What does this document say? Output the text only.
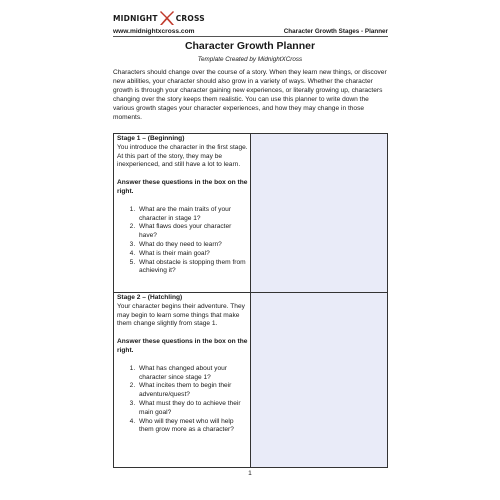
MIDNIGHT CROSS
www.midnightxcross.com	Character Growth Stages - Planner
Character Growth Planner
Template Created by MidnightXCross
Characters should change over the course of a story. When they learn new things, or discover new abilities, your character should also grow in a variety of ways. Whether the character growth is through your character gaining new experiences, or literally growing up, characters changing over the story keeps them realistic. You can use this planner to write down the various growth stages your character experiences, and how they may change in those moments.
Stage 1 – (Beginning)
You introduce the character in the first stage. At this part of the story, they may be inexperienced, and still have a lot to learn.
Answer these questions in the box on the right.
1. What are the main traits of your character in stage 1?
2. What flaws does your character have?
3. What do they need to learn?
4. What is their main goal?
5. What obstacle is stopping them from achieving it?
Stage 2 – (Hatchling)
Your character begins their adventure. They may begin to learn some things that make them change slightly from stage 1.
Answer these questions in the box on the right.
1. What has changed about your character since stage 1?
2. What incites them to begin their adventure/quest?
3. What must they do to achieve their main goal?
4. Who will they meet who will help them grow more as a character?
1
